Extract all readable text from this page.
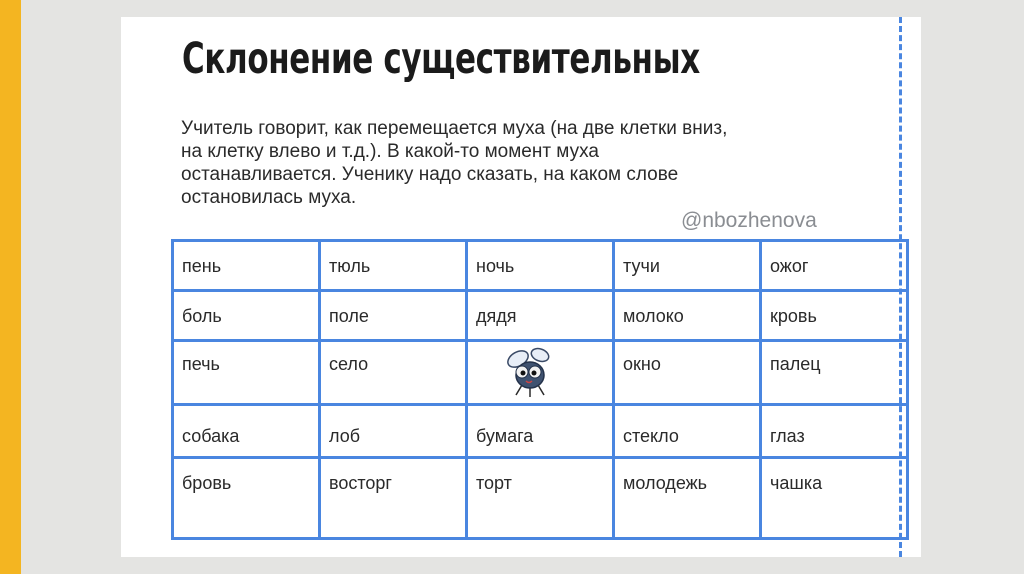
Склонение существительных
Учитель говорит, как перемещается муха (на две клетки вниз,
на клетку влево и т.д.). В какой-то момент муха
останавливается. Ученику надо сказать, на каком слове
остановилась муха.
@nbozhenova
пень	тюль	ночь	тучи	ожог

боль	поле	дядя	молоко	кровь

печь	село		окно	палец

собака	лоб	бумага	стекло	глаз

бровь	восторг	торт	молодежь	чашка
